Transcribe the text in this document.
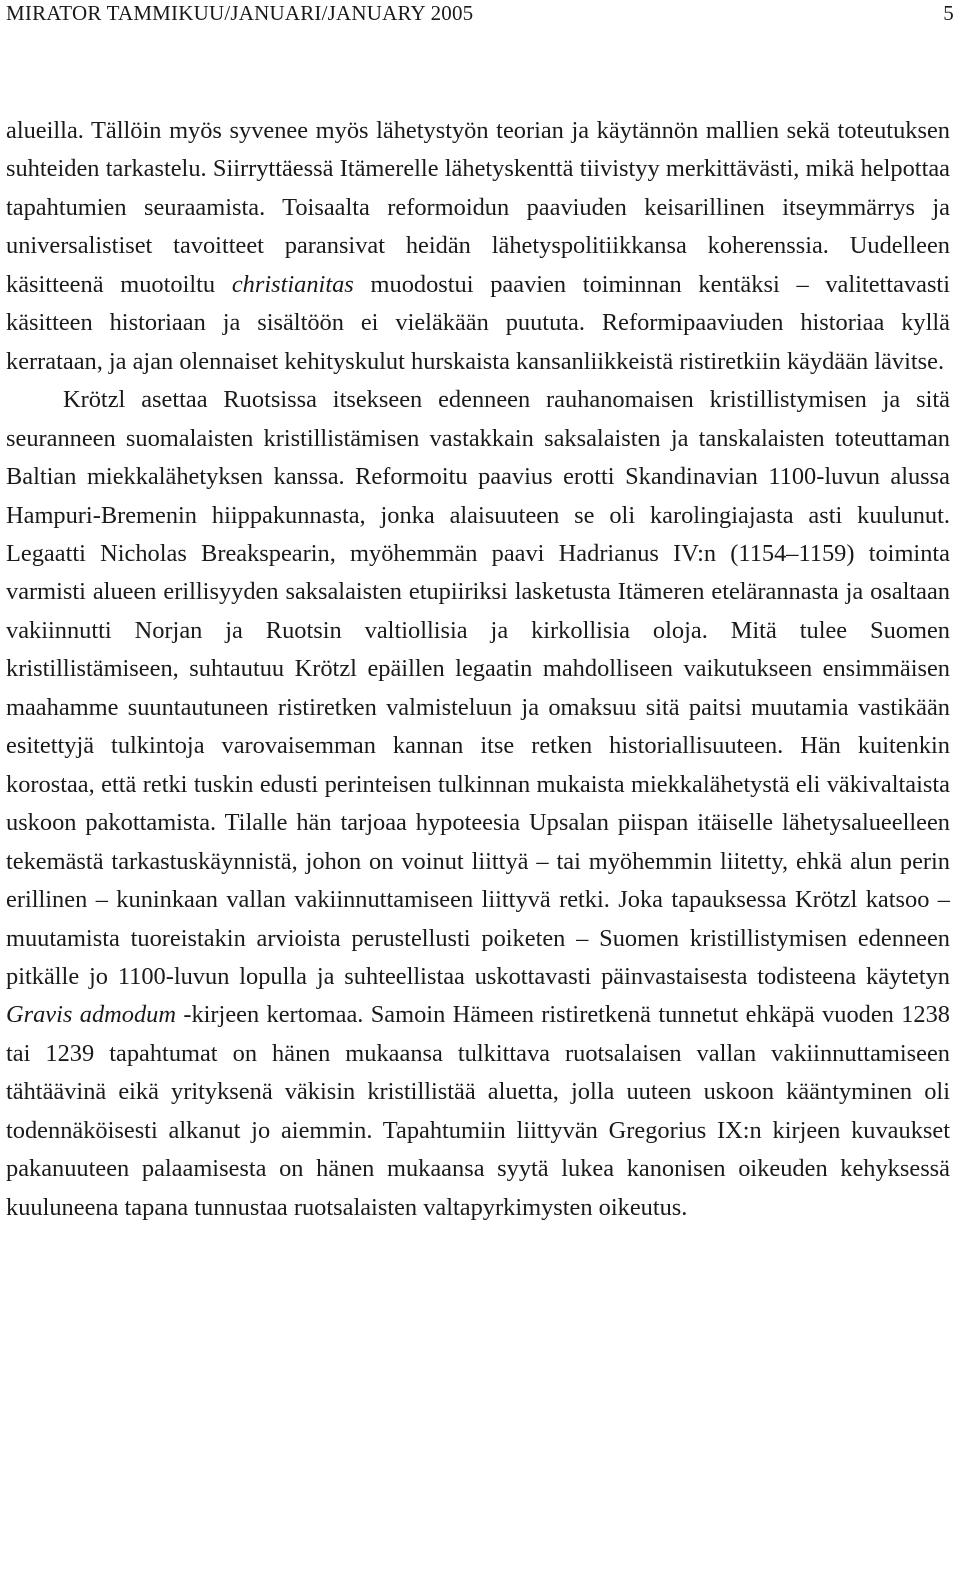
MIRATOR TAMMIKUU/JANUARI/JANUARY 2005	5

alueilla. Tällöin myös syvenee myös lähetystyön teorian ja käytännön mallien sekä toteutuksen suhteiden tarkastelu. Siirryttäessä Itämerelle lähetyskenttä tiivistyy merkittävästi, mikä helpottaa tapahtumien seuraamista. Toisaalta reformoidun paaviuden keisarillinen itseymmärrys ja universalistiset tavoitteet paransivat heidän lähetyspolitiikkansa koherenssia. Uudelleen käsitteenä muotoiltu christianitas muodostui paavien toiminnan kentäksi – valitettavasti käsitteen historiaan ja sisältöön ei vieläkään puututa. Reformipaaviuden historiaa kyllä kerrataan, ja ajan olennaiset kehityskulut hurskaista kansanliikkeistä ristiretkiin käydään lävitse.

Krötzl asettaa Ruotsissa itsekseen edenneen rauhanomaisen kristillistymisen ja sitä seuranneen suomalaisten kristillistämisen vastakkain saksalaisten ja tanskalaisten toteuttaman Baltian miekkalähetyksen kanssa. Reformoitu paavius erotti Skandinavian 1100-luvun alussa Hampuri-Bremenin hiippakunnasta, jonka alaisuuteen se oli karolingiajasta asti kuulunut. Legaatti Nicholas Breakspearin, myöhemmän paavi Hadrianus IV:n (1154–1159) toiminta varmisti alueen erillisyyden saksalaisten etupiiriksi lasketusta Itämeren etelärannasta ja osaltaan vakiinnutti Norjan ja Ruotsin valtiollisia ja kirkollisia oloja. Mitä tulee Suomen kristillistämiseen, suhtautuu Krötzl epäillen legaatin mahdolliseen vaikutukseen ensimmäisen maahamme suuntautuneen ristiretken valmisteluun ja omaksuu sitä paitsi muutamia vastikään esitettyjä tulkintoja varovaisemman kannan itse retken historiallisuuteen. Hän kuitenkin korostaa, että retki tuskin edusti perinteisen tulkinnan mukaista miekkalähetystä eli väkivaltaista uskoon pakottamista. Tilalle hän tarjoaa hypoteesia Upsalan piispan itäiselle lähetysalueelleen tekemästä tarkastuskäynnistä, johon on voinut liittyä – tai myöhemmin liitetty, ehkä alun perin erillinen – kuninkaan vallan vakiinnuttamiseen liittyvä retki. Joka tapauksessa Krötzl katsoo – muutamista tuoreistakin arvioista perustellusti poiketen – Suomen kristillistymisen edenneen pitkälle jo 1100-luvun lopulla ja suhteellistaa uskottavasti päinvastaisesta todisteena käytetyn Gravis admodum -kirjeen kertomaa. Samoin Hämeen ristiretkenä tunnetut ehkäpä vuoden 1238 tai 1239 tapahtumat on hänen mukaansa tulkittava ruotsalaisen vallan vakiinnuttamiseen tähtäävinä eikä yrityksenä väkisin kristillistää aluetta, jolla uuteen uskoon kääntyminen oli todennäköisesti alkanut jo aiemmin. Tapahtumiin liittyvän Gregorius IX:n kirjeen kuvaukset pakanuuteen palaamisesta on hänen mukaansa syytä lukea kanonisen oikeuden kehyksessä kuuluneena tapana tunnustaa ruotsalaisten valtapyrkimysten oikeutus.
